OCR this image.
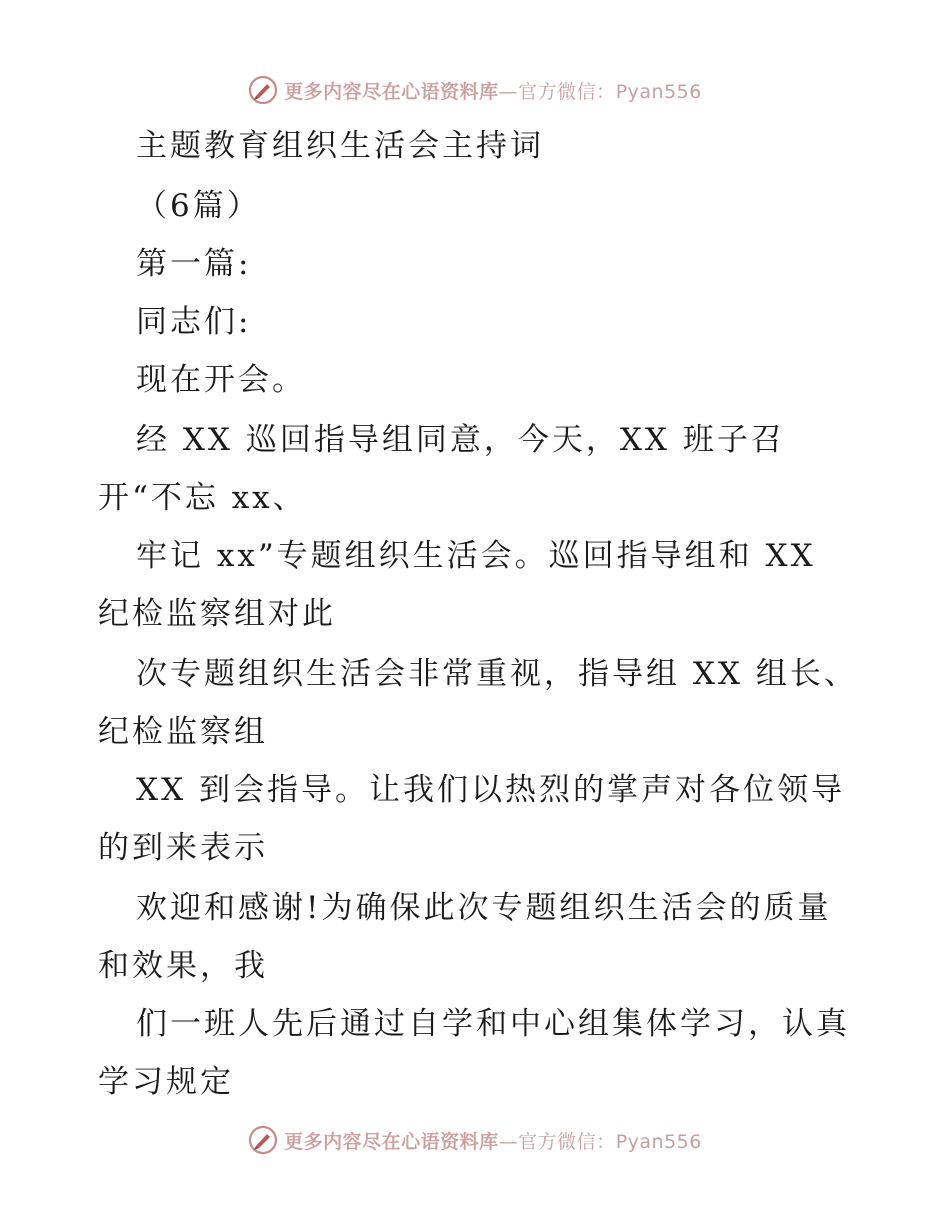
更多内容尽在心语资料库—官方微信：Pyan556
主题教育组织生活会主持词
（6篇）
第一篇:
同志们:
现在开会。
经 XX 巡回指导组同意，今天，XX 班子召
开“不忘 xx、
牢记 xx”专题组织生活会。巡回指导组和 XX
纪检监察组对此
次专题组织生活会非常重视，指导组 XX 组长、
纪检监察组
XX 到会指导。让我们以热烈的掌声对各位领导
的到来表示
欢迎和感谢!为确保此次专题组织生活会的质量
和效果，我
们一班人先后通过自学和中心组集体学习，认真
学习规定
更多内容尽在心语资料库—官方微信：Pyan556
